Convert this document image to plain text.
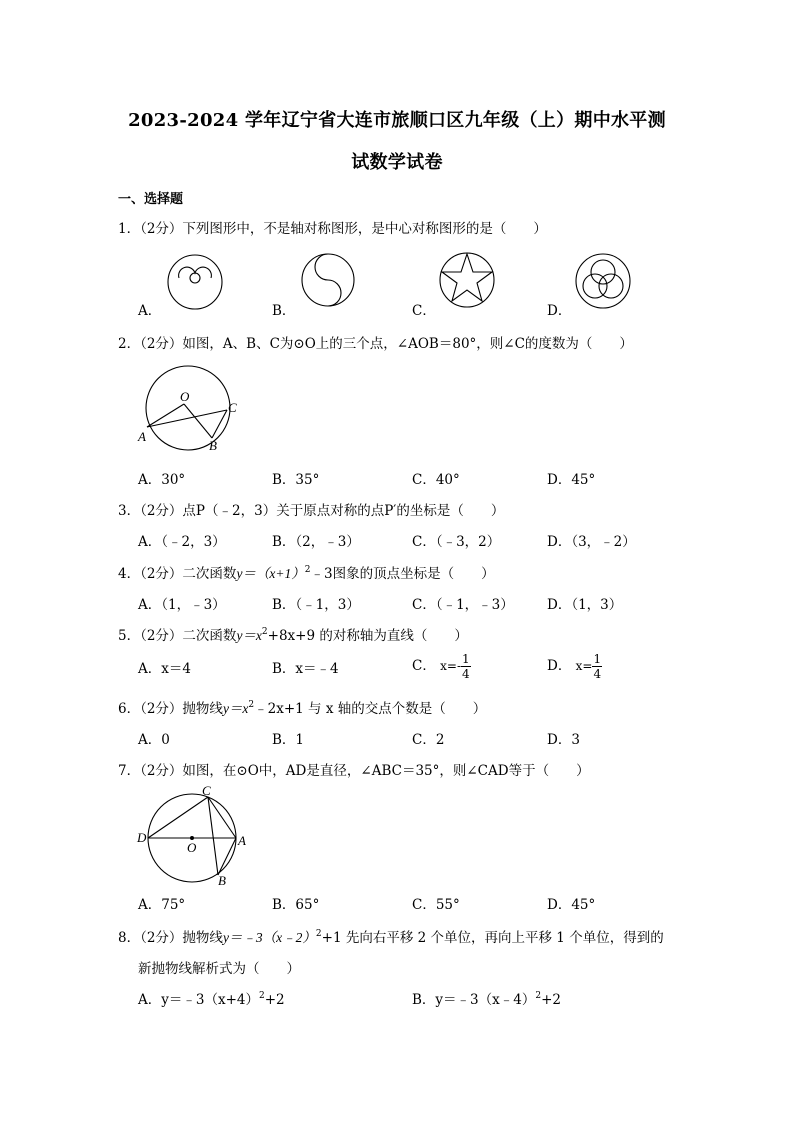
2023-2024 学年辽宁省大连市旅顺口区九年级（上）期中水平测
试数学试卷
一、选择题
1．（2分）下列图形中，不是轴对称图形，是中心对称图形的是（　　）
A．	B．	C．	D．
2．（2分）如图，A、B、C为⊙O上的三个点，∠AOB＝80°，则∠C的度数为（　　）
O
C
A
B
A．30°	B．35°	C．40°	D．45°
3．（2分）点P（﹣2，3）关于原点对称的点P′的坐标是（　　）
A．（﹣2，3）	B．（2，﹣3）	C．（﹣3，2）	D．（3，﹣2）
4．（2分）二次函数$y=(x+1)^2﹣3$图象的顶点坐标是（　　）
A．（1，﹣3）	B．（﹣1，3）	C．（﹣1，﹣3） D．（1，3）
5．（2分）二次函数$y=x^2+8x+9$ 的对称轴为直线（　　）
A．x＝4	B．x＝﹣4	C． $x=- \frac{1}{4}$	D． $x= \frac{1}{4}$
6．（2分）抛物线$y=x^2﹣2x+1$ 与 x 轴的交点个数是（　　）
A．0	B．1	C．2	D．3
7．（2分）如图，在⊙O中，AD是直径，∠ABC＝35°，则∠CAD等于（　　）
C
D
O	A
B
A．75°	B．65°	C．55°	D．45°
8．（2分）抛物线y＝﹣3（x﹣2）$^2$+1 先向右平移 2 个单位，再向上平移 1 个单位，得到的
新抛物线解析式为（　　）
A．$y=﹣3(x+4)^2+2$	B．y＝﹣3（x﹣4）$^2$+2
